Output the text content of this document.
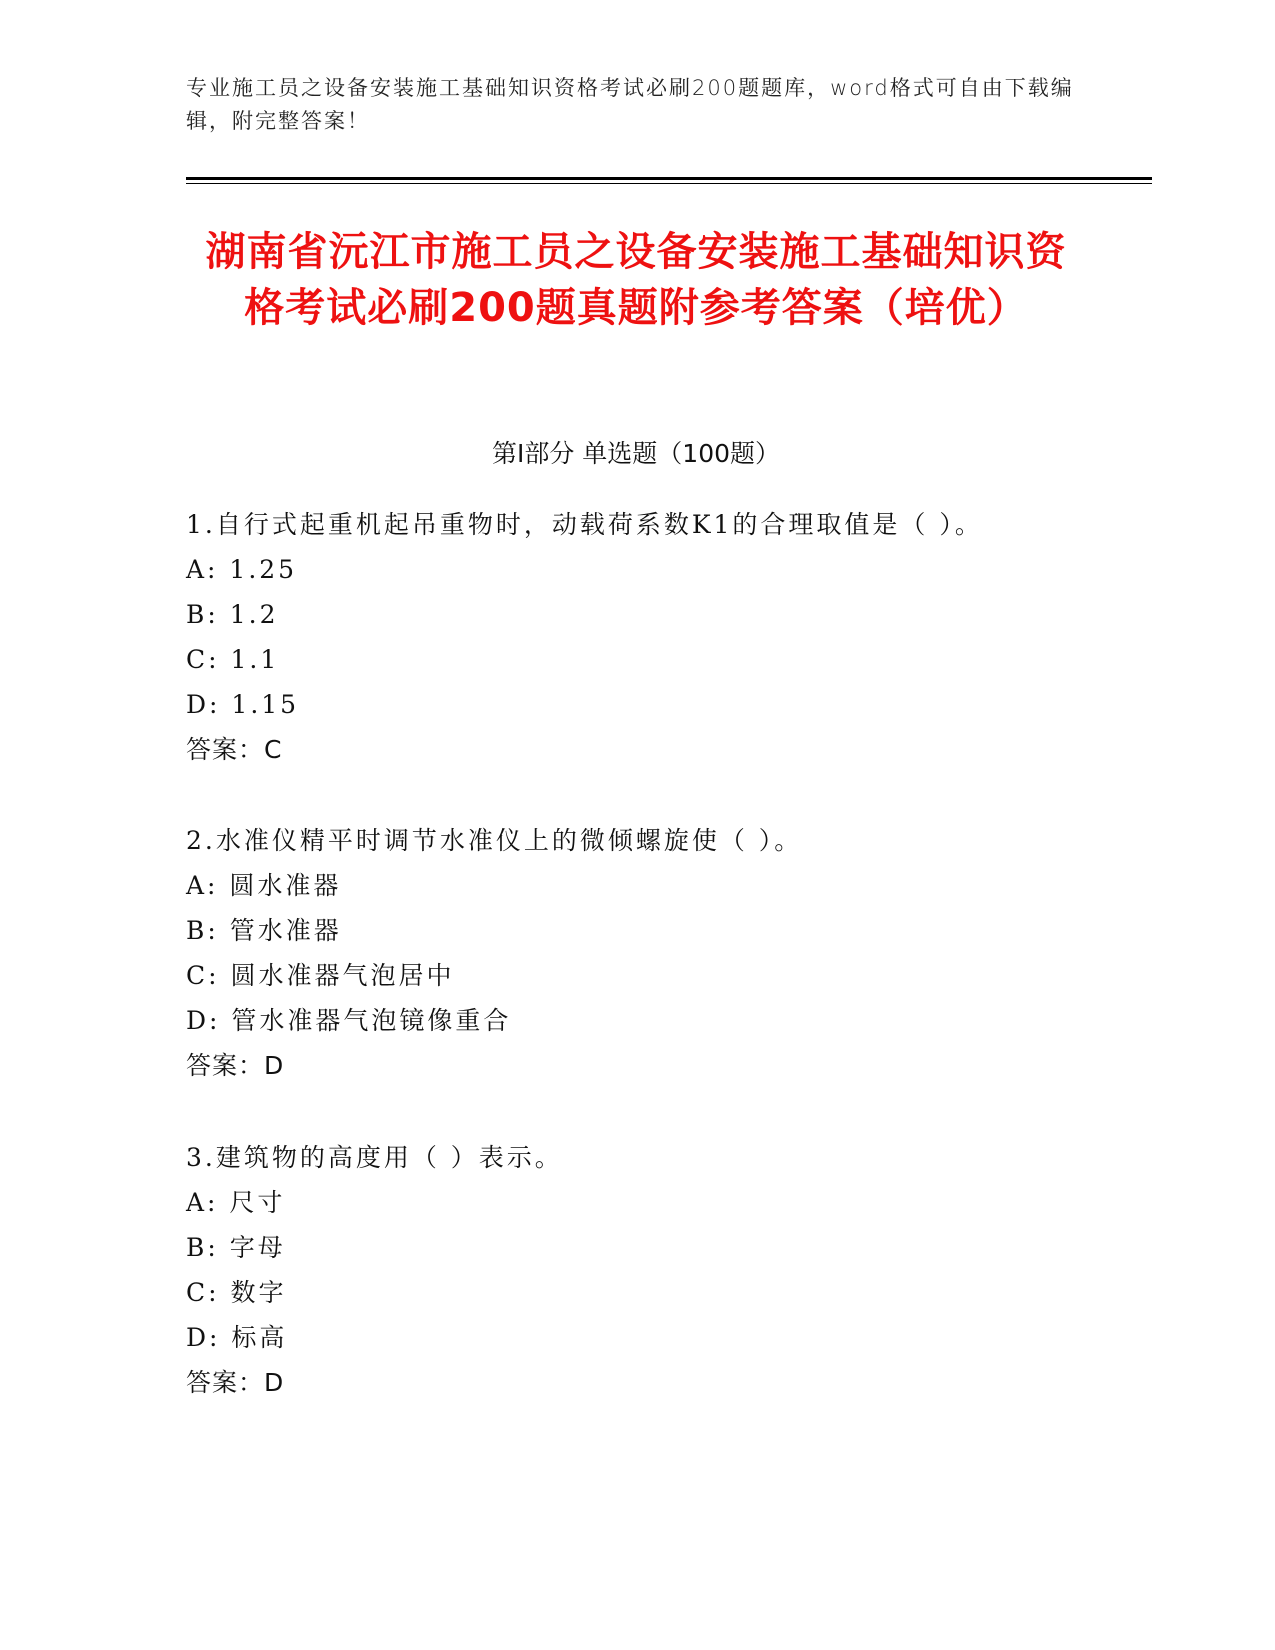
专业施工员之设备安装施工基础知识资格考试必刷200题题库，word格式可自由下载编辑，附完整答案！
湖南省沅江市施工员之设备安装施工基础知识资格考试必刷200题真题附参考答案（培优）
第Ⅰ部分 单选题（100题）
1.自行式起重机起吊重物时，动载荷系数K1的合理取值是（ ）。
A: 1.25
B: 1.2
C: 1.1
D: 1.15
答案：C
2.水准仪精平时调节水准仪上的微倾螺旋使（ ）。
A: 圆水准器
B: 管水准器
C: 圆水准器气泡居中
D: 管水准器气泡镜像重合
答案：D
3.建筑物的高度用（ ）表示。
A: 尺寸
B: 字母
C: 数字
D: 标高
答案：D
